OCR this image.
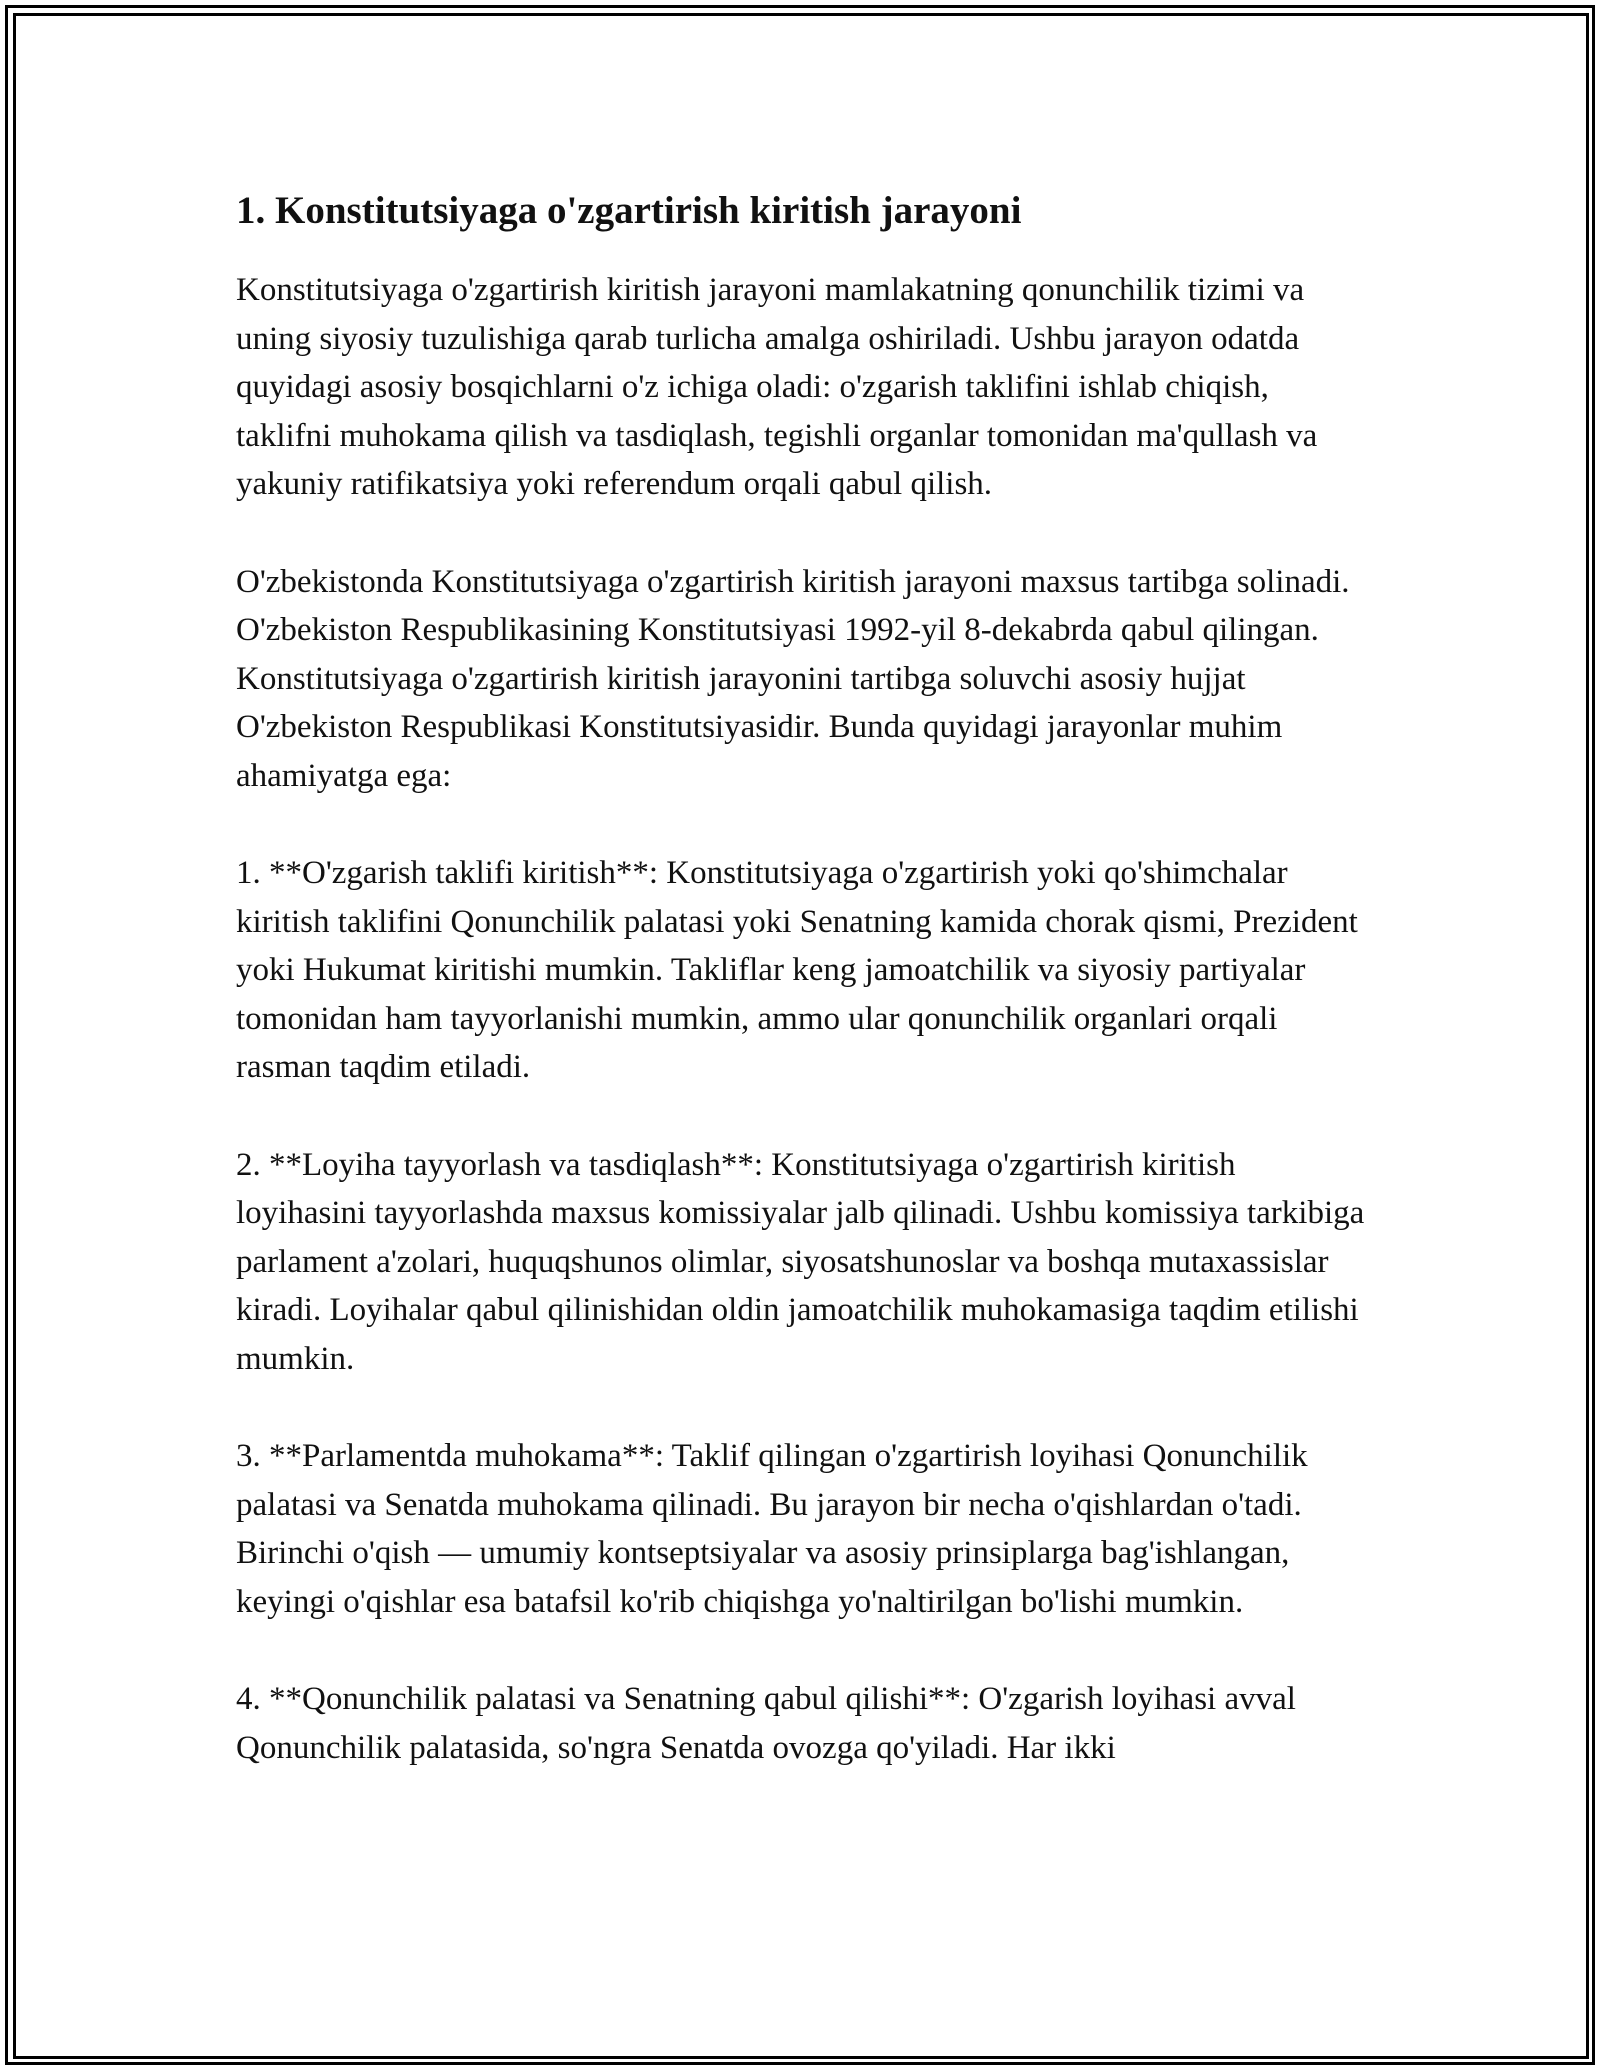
1. Konstitutsiyaga o'zgartirish kiritish jarayoni

Konstitutsiyaga o'zgartirish kiritish jarayoni mamlakatning qonunchilik tizimi va uning siyosiy tuzulishiga qarab turlicha amalga oshiriladi. Ushbu jarayon odatda quyidagi asosiy bosqichlarni o'z ichiga oladi: o'zgarish taklifini ishlab chiqish, taklifni muhokama qilish va tasdiqlash, tegishli organlar tomonidan ma'qullash va yakuniy ratifikatsiya yoki referendum orqali qabul qilish.

O'zbekistonda Konstitutsiyaga o'zgartirish kiritish jarayoni maxsus tartibga solinadi. O'zbekiston Respublikasining Konstitutsiyasi 1992-yil 8-dekabrda qabul qilingan. Konstitutsiyaga o'zgartirish kiritish jarayonini tartibga soluvchi asosiy hujjat O'zbekiston Respublikasi Konstitutsiyasidir. Bunda quyidagi jarayonlar muhim ahamiyatga ega:

1. **O'zgarish taklifi kiritish**: Konstitutsiyaga o'zgartirish yoki qo'shimchalar kiritish taklifini Qonunchilik palatasi yoki Senatning kamida chorak qismi, Prezident yoki Hukumat kiritishi mumkin. Takliflar keng jamoatchilik va siyosiy partiyalar tomonidan ham tayyorlanishi mumkin, ammo ular qonunchilik organlari orqali rasman taqdim etiladi.

2. **Loyiha tayyorlash va tasdiqlash**: Konstitutsiyaga o'zgartirish kiritish loyihasini tayyorlashda maxsus komissiyalar jalb qilinadi. Ushbu komissiya tarkibiga parlament a'zolari, huquqshunos olimlar, siyosatshunoslar va boshqa mutaxassislar kiradi. Loyihalar qabul qilinishidan oldin jamoatchilik muhokamasiga taqdim etilishi mumkin.

3. **Parlamentda muhokama**: Taklif qilingan o'zgartirish loyihasi Qonunchilik palatasi va Senatda muhokama qilinadi. Bu jarayon bir necha o'qishlardan o'tadi. Birinchi o'qish — umumiy kontseptsiyalar va asosiy prinsiplarga bag'ishlangan, keyingi o'qishlar esa batafsil ko'rib chiqishga yo'naltirilgan bo'lishi mumkin.

4. **Qonunchilik palatasi va Senatning qabul qilishi**: O'zgarish loyihasi avval Qonunchilik palatasida, so'ngra Senatda ovozga qo'yiladi. Har ikki
